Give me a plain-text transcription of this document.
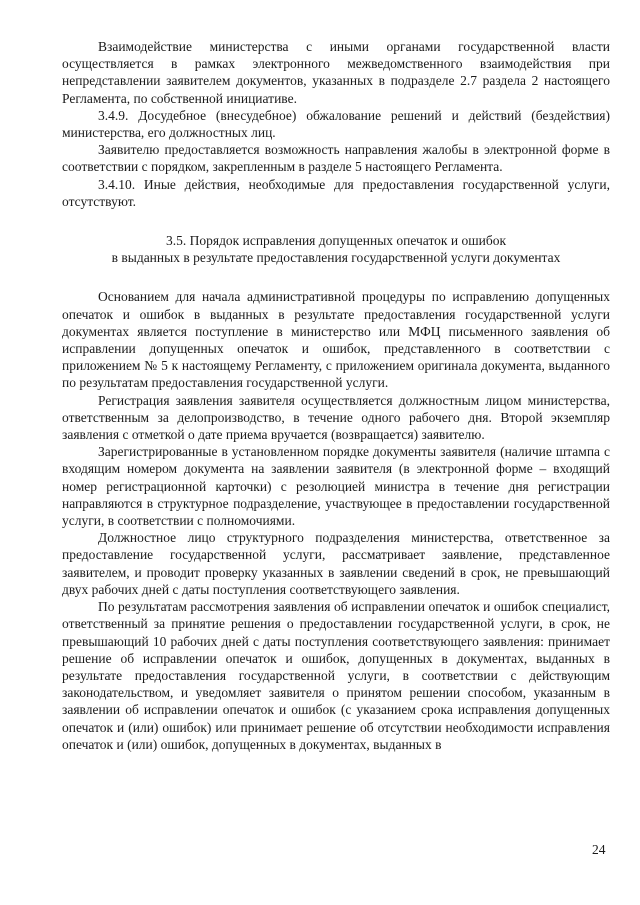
Взаимодействие министерства с иными органами государственной власти осуществляется в рамках электронного межведомственного взаимодействия при непредставлении заявителем документов, указанных в подразделе 2.7 раздела 2 настоящего Регламента, по собственной инициативе.

3.4.9. Досудебное (внесудебное) обжалование решений и действий (бездействия) министерства, его должностных лиц.

Заявителю предоставляется возможность направления жалобы в электронной форме в соответствии с порядком, закрепленным в разделе 5 настоящего Регламента.

3.4.10. Иные действия, необходимые для предоставления государственной услуги, отсутствуют.

3.5. Порядок исправления допущенных опечаток и ошибок
в выданных в результате предоставления государственной услуги документах

Основанием для начала административной процедуры по исправлению допущенных опечаток и ошибок в выданных в результате предоставления государственной услуги документах является поступление в министерство или МФЦ письменного заявления об исправлении допущенных опечаток и ошибок, представленного в соответствии с приложением № 5 к настоящему Регламенту, с приложением оригинала документа, выданного по результатам предоставления государственной услуги.

Регистрация заявления заявителя осуществляется должностным лицом министерства, ответственным за делопроизводство, в течение одного рабочего дня. Второй экземпляр заявления с отметкой о дате приема вручается (возвращается) заявителю.

Зарегистрированные в установленном порядке документы заявителя (наличие штампа с входящим номером документа на заявлении заявителя (в электронной форме – входящий номер регистрационной карточки) с резолюцией министра в течение дня регистрации направляются в структурное подразделение, участвующее в предоставлении государственной услуги, в соответствии с полномочиями.

Должностное лицо структурного подразделения министерства, ответственное за предоставление государственной услуги, рассматривает заявление, представленное заявителем, и проводит проверку указанных в заявлении сведений в срок, не превышающий двух рабочих дней с даты поступления соответствующего заявления.

По результатам рассмотрения заявления об исправлении опечаток и ошибок специалист, ответственный за принятие решения о предоставлении государственной услуги, в срок, не превышающий 10 рабочих дней с даты поступления соответствующего заявления: принимает решение об исправлении опечаток и ошибок, допущенных в документах, выданных в результате предоставления государственной услуги, в соответствии с действующим законодательством, и уведомляет заявителя о принятом решении способом, указанным в заявлении об исправлении опечаток и ошибок (с указанием срока исправления допущенных опечаток и (или) ошибок) или принимает решение об отсутствии необходимости исправления опечаток и (или) ошибок, допущенных в документах, выданных в

24
